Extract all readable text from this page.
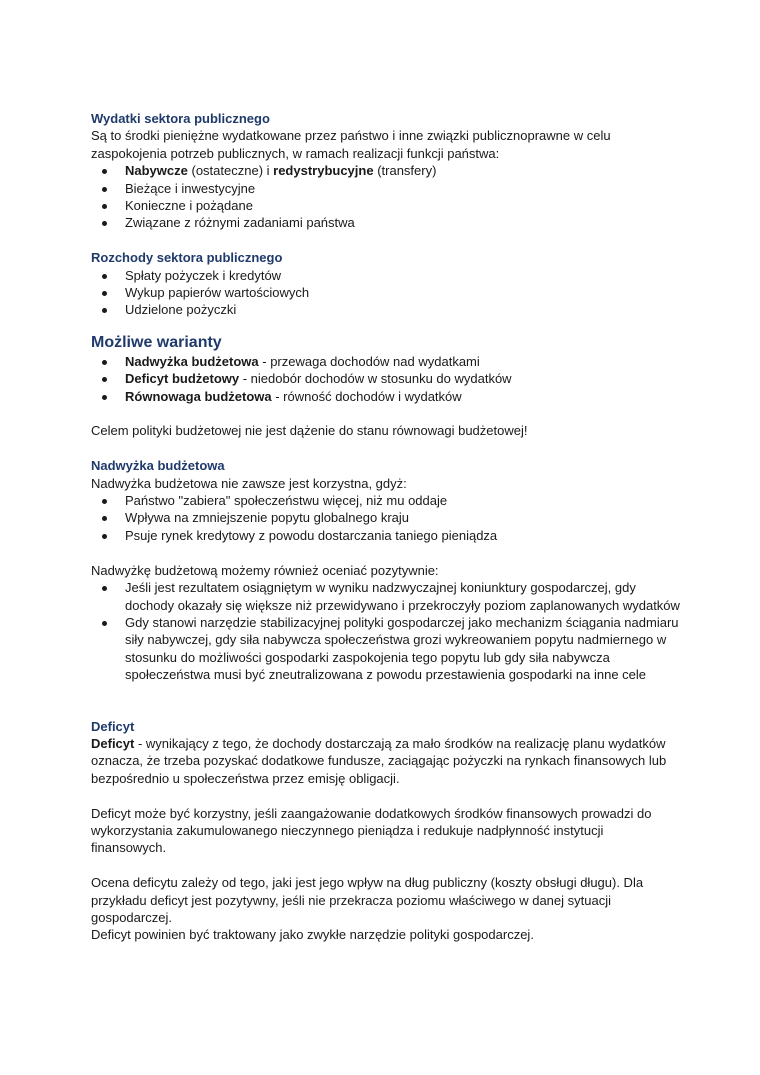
Wydatki sektora publicznego

Są to środki pieniężne wydatkowane przez państwo i inne związki publicznoprawne w celu zaspokojenia potrzeb publicznych, w ramach realizacji funkcji państwa:

Nabywcze (ostateczne) i redystrybucyjne (transfery)
Bieżące i inwestycyjne
Konieczne i pożądane
Związane z różnymi zadaniami państwa
Rozchody sektora publicznego
Spłaty pożyczek i kredytów
Wykup papierów wartościowych
Udzielone pożyczki
Możliwe warianty
Nadwyżka budżetowa - przewaga dochodów nad wydatkami
Deficyt budżetowy - niedobór dochodów w stosunku do wydatków
Równowaga budżetowa - równość dochodów i wydatków

Celem polityki budżetowej nie jest dążenie do stanu równowagi budżetowej!

Nadwyżka budżetowa

Nadwyżka budżetowa nie zawsze jest korzystna, gdyż:

Państwo "zabiera" społeczeństwu więcej, niż mu oddaje
Wpływa na zmniejszenie popytu globalnego kraju
Psuje rynek kredytowy z powodu dostarczania taniego pieniądza

Nadwyżkę budżetową możemy również oceniać pozytywnie:

Jeśli jest rezultatem osiągniętym w wyniku nadzwyczajnej koniunktury gospodarczej, gdy dochody okazały się większe niż przewidywano i przekroczyły poziom zaplanowanych wydatków
Gdy stanowi narzędzie stabilizacyjnej polityki gospodarczej jako mechanizm ściągania nadmiaru siły nabywczej, gdy siła nabywcza społeczeństwa grozi wykreowaniem popytu nadmiernego w stosunku do możliwości gospodarki zaspokojenia tego popytu lub gdy siła nabywcza społeczeństwa musi być zneutralizowana z powodu przestawienia gospodarki na inne cele
Deficyt

Deficyt - wynikający z tego, że dochody dostarczają za mało środków na realizację planu wydatków oznacza, że trzeba pozyskać dodatkowe fundusze, zaciągając pożyczki na rynkach finansowych lub bezpośrednio u społeczeństwa przez emisję obligacji.

Deficyt może być korzystny, jeśli zaangażowanie dodatkowych środków finansowych prowadzi do wykorzystania zakumulowanego nieczynnego pieniądza i redukuje nadpłynność instytucji finansowych.

Ocena deficytu zależy od tego, jaki jest jego wpływ na dług publiczny (koszty obsługi długu). Dla przykładu deficyt jest pozytywny, jeśli nie przekracza poziomu właściwego w danej sytuacji gospodarczej.

Deficyt powinien być traktowany jako zwykłe narzędzie polityki gospodarczej.
